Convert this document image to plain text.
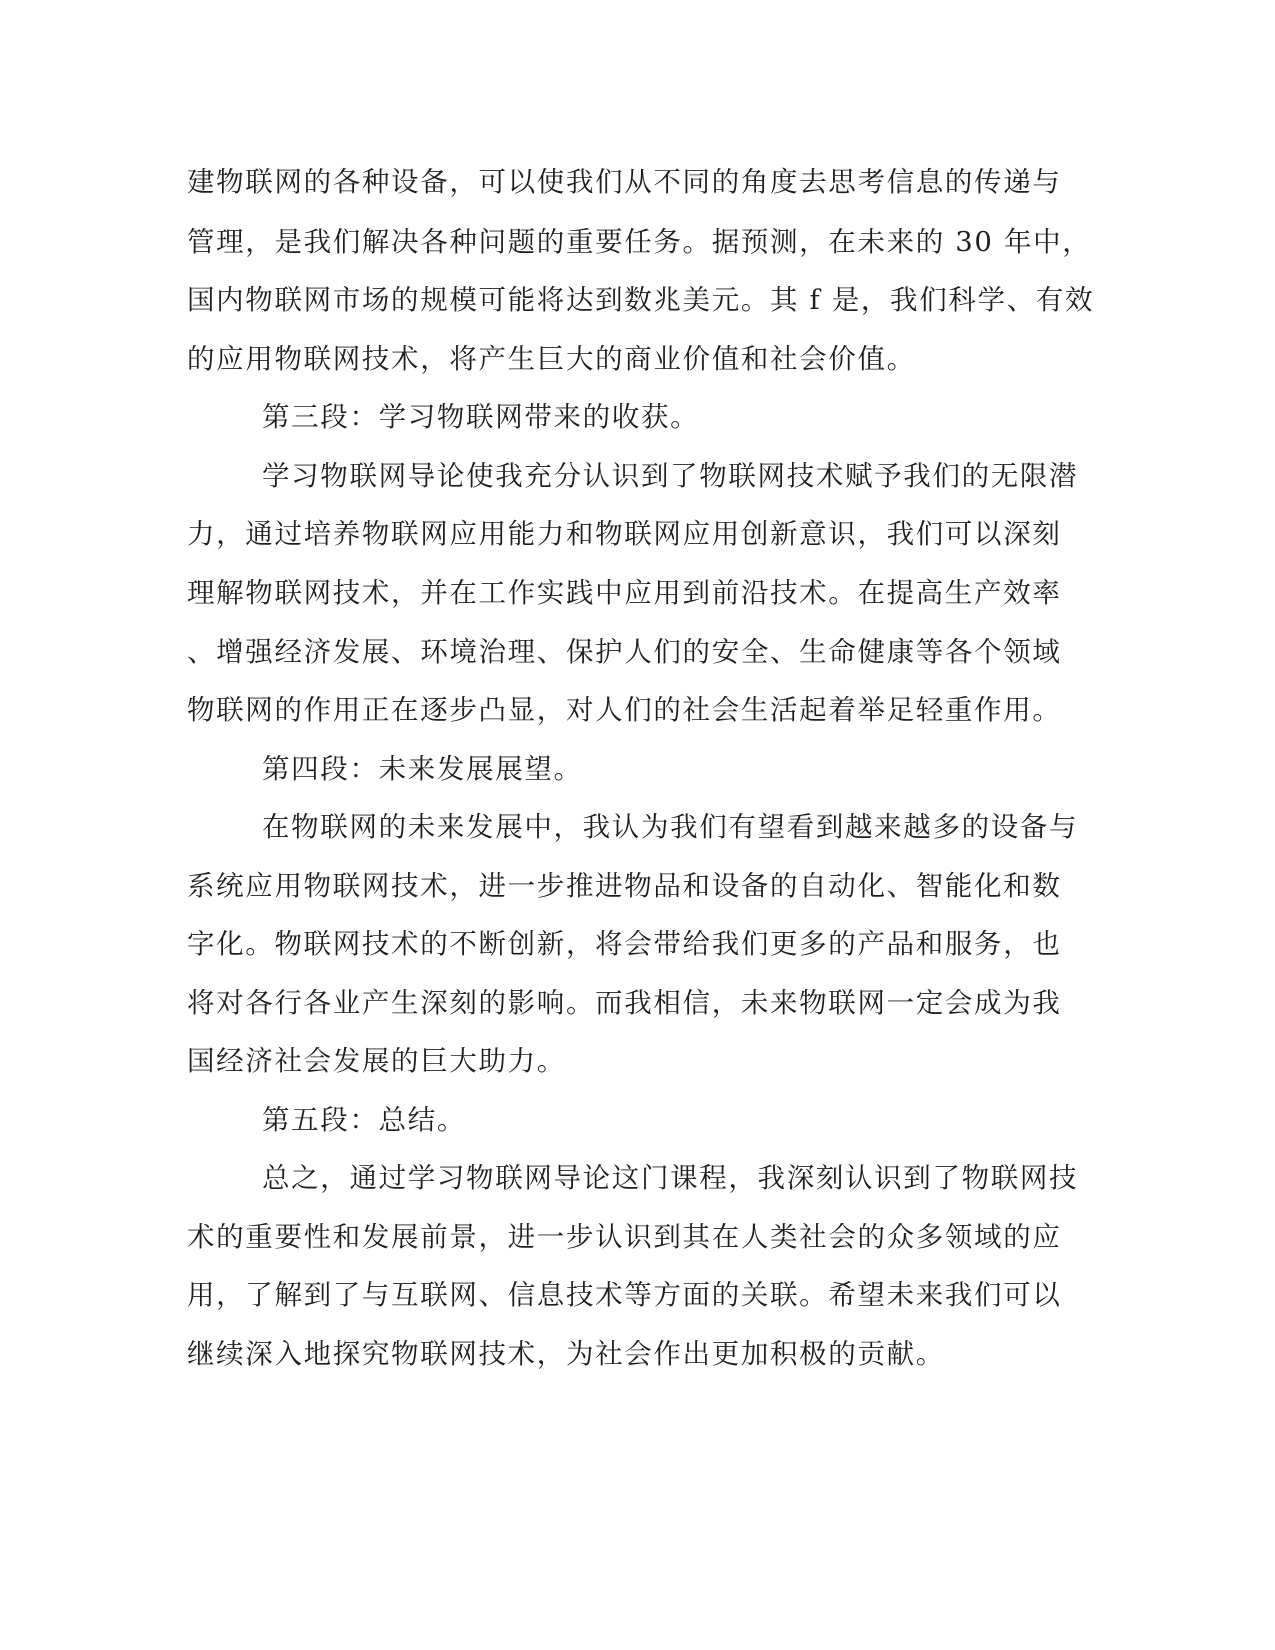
建物联网的各种设备，可以使我们从不同的角度去思考信息的传递与

管理，是我们解决各种问题的重要任务。据预测，在未来的 30 年中，

国内物联网市场的规模可能将达到数兆美元。其 f 是，我们科学、有效

的应用物联网技术，将产生巨大的商业价值和社会价值。

第三段：学习物联网带来的收获。

学习物联网导论使我充分认识到了物联网技术赋予我们的无限潜

力，通过培养物联网应用能力和物联网应用创新意识，我们可以深刻

理解物联网技术，并在工作实践中应用到前沿技术。在提高生产效率

、增强经济发展、环境治理、保护人们的安全、生命健康等各个领域

物联网的作用正在逐步凸显，对人们的社会生活起着举足轻重作用。

第四段：未来发展展望。

在物联网的未来发展中，我认为我们有望看到越来越多的设备与

系统应用物联网技术，进一步推进物品和设备的自动化、智能化和数

字化。物联网技术的不断创新，将会带给我们更多的产品和服务，也

将对各行各业产生深刻的影响。而我相信，未来物联网一定会成为我

国经济社会发展的巨大助力。

第五段：总结。

总之，通过学习物联网导论这门课程，我深刻认识到了物联网技

术的重要性和发展前景，进一步认识到其在人类社会的众多领域的应

用，了解到了与互联网、信息技术等方面的关联。希望未来我们可以

继续深入地探究物联网技术，为社会作出更加积极的贡献。
